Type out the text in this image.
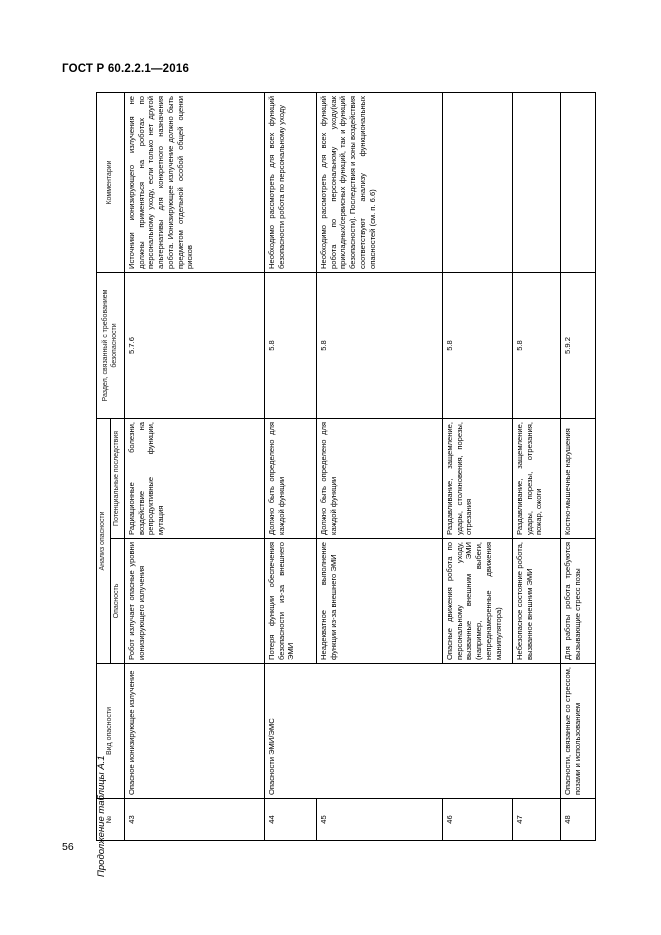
ГОСТ Р 60.2.2.1—2016
Продолжение таблицы А.1 №	Вид опасности	Анализ опасности		Раздел, связанный с требованием безопасности	Комментарии
		Опасность	Потенциальные последствия		
43	Опасное ионизирующее излучение	Робот излучает опасные уровни ионизирующего излучения	Радиационные болезни, воздействие на репродуктивные функции, мутация	5.7.6	Источники ионизирующего излучения не должны применяться на роботах по персональному уходу, если только нет другой альтернативы для конкретного назначения робота. Ионизирующее излучение должно быть предметом отдельной особой общей оценки рисков
44	Опасности ЭМИ/ЭМС	Потеря функции обеспечения безопасности из-за внешнего ЭМИ	Должно быть определено для каждой функции	5.8	Необходимо рассмотреть для всех функций безопасности робота по персональному уходу
45		Неадекватное выполнение функции из-за внешнего ЭМИ	Должно быть определено для каждой функции	5.8	Необходимо рассмотреть для всех функций робота по персональному уходу(как прикладных/сервисных функций, так и функций безопасности). Последствия и зоны воздействия соответствуют анализу функциональных опасностей (см. п. 6.6)
46		Опасные движения робота по персональному уходу, вызванные внешним ЭМИ (например, выбеги, непреднамеренные движения манипулятора)	Раздавливание, защемление, удары, столкновения, порезы, отрезания	5.8	
47		Небезопасное состояние робота, вызванное внешним ЭМИ	Раздавливание, защемление, удары, порезы, отрезания, пожар, ожоги	5.8	
48	Опасности, связанные со стрессом, позами и использованием	Для работы робота требуются вызывающие стресс позы	Костно-мышечные нарушения	5.9.2	
56
